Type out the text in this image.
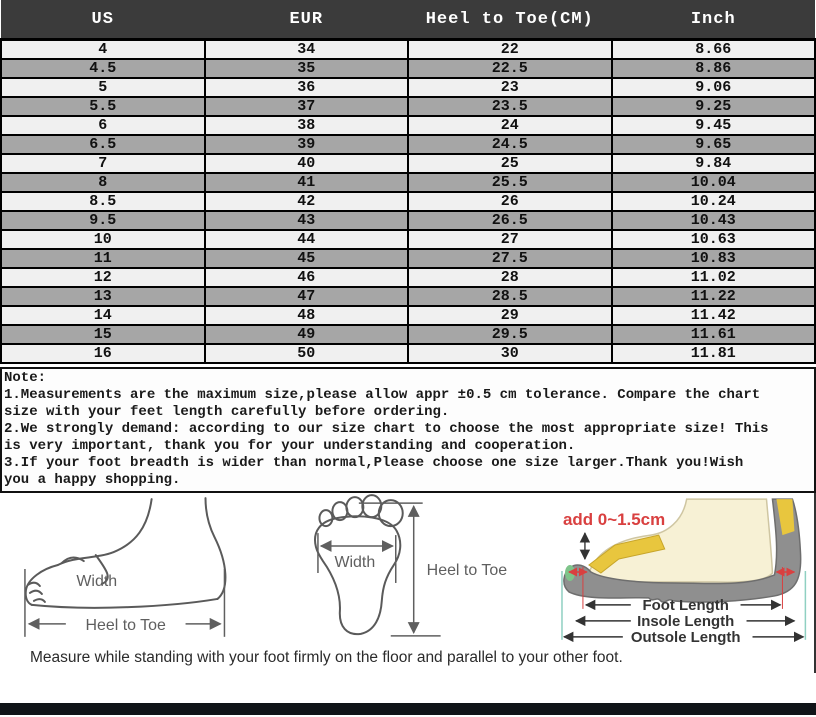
US	EUR	Heel to Toe(CM)	Inch
4	34	22	8.66
4.5	35	22.5	8.86
5	36	23	9.06
5.5	37	23.5	9.25
6	38	24	9.45
6.5	39	24.5	9.65
7	40	25	9.84
8	41	25.5	10.04
8.5	42	26	10.24
9.5	43	26.5	10.43
10	44	27	10.63
11	45	27.5	10.83
12	46	28	11.02
13	47	28.5	11.22
14	48	29	11.42
15	49	29.5	11.61
16	50	30	11.81
Note:
1.Measurements are the maximum size,please allow appr ±0.5 cm tolerance. Compare the chart size with your feet length carefully before ordering.
2.We strongly demand: according to our size chart to choose the most appropriate size! This is very important, thank you for your understanding and cooperation.
3.If your foot breadth is wider than normal,Please choose one size larger.Thank you!Wish you a happy shopping.
Width
Heel to Toe
Width	Heel to Toe
add 0~1.5cm
Foot Length
Insole Length
Outsole Length
Measure while standing with your foot firmly on the floor and parallel to your other foot.
